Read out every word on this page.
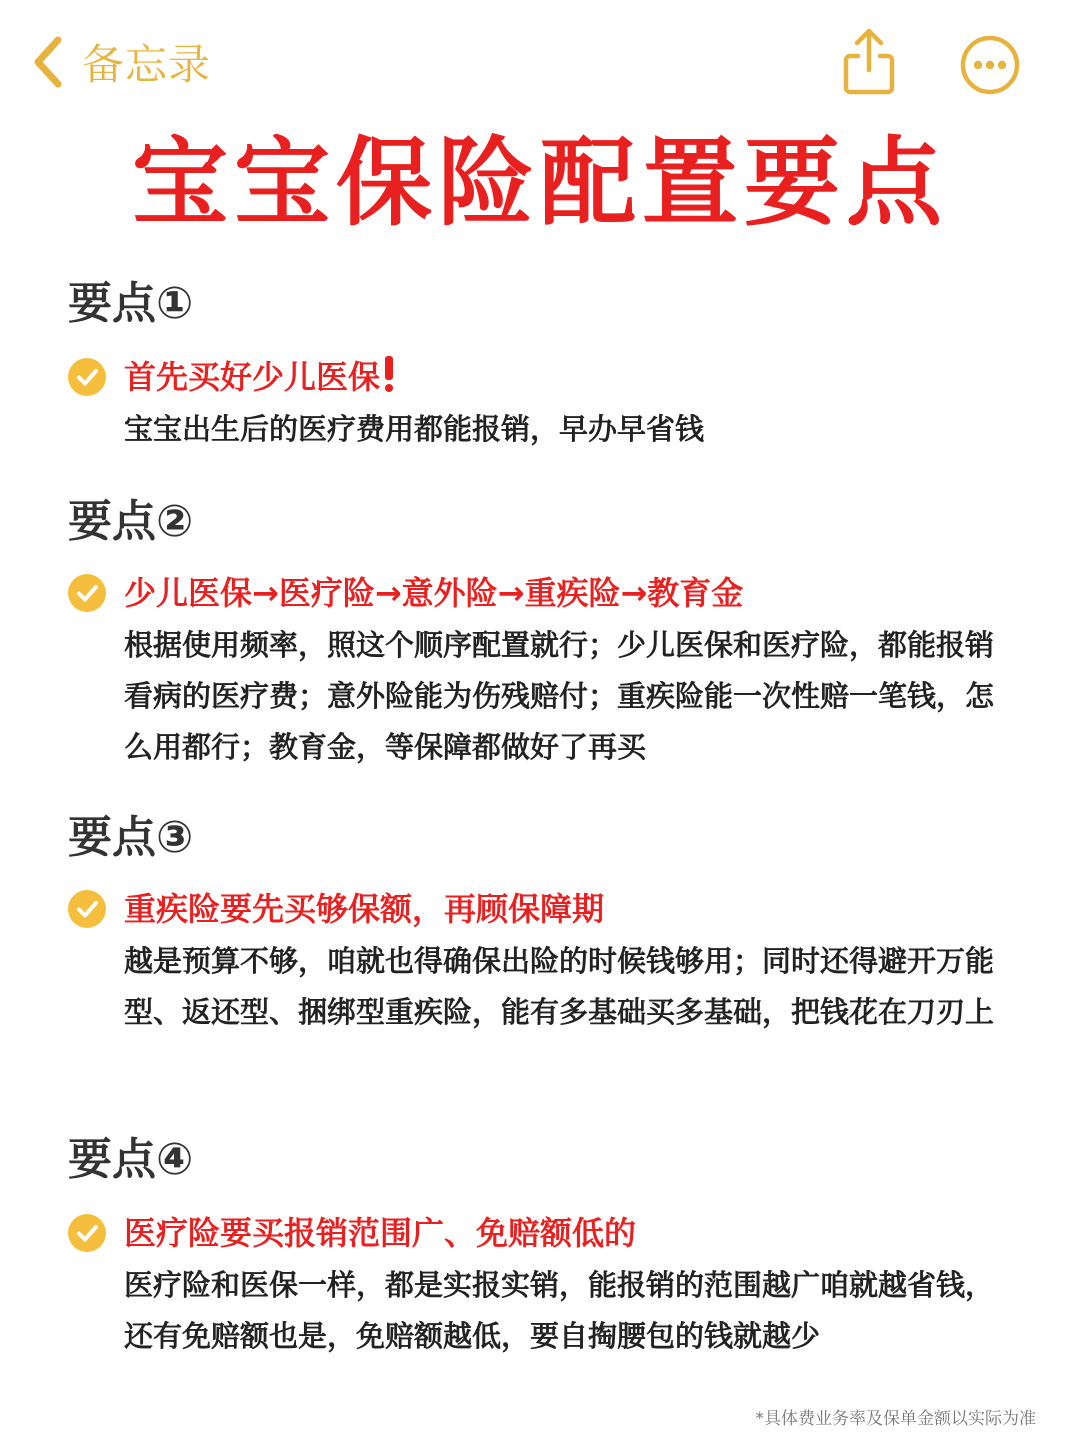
备忘录
宝宝保险配置要点
要点①
首先买好少儿医保

宝宝出生后的医疗费用都能报销，早办早省钱

要点②
少儿医保→医疗险→意外险→重疾险→教育金

根据使用频率，照这个顺序配置就行；少儿医保和医疗险，都能报销看病的医疗费；意外险能为伤残赔付；重疾险能一次性赔一笔钱，怎么用都行；教育金，等保障都做好了再买

要点③
重疾险要先买够保额，再顾保障期

越是预算不够，咱就也得确保出险的时候钱够用；同时还得避开万能型、返还型、捆绑型重疾险，能有多基础买多基础，把钱花在刀刃上

要点④
医疗险要买报销范围广、免赔额低的

医疗险和医保一样，都是实报实销，能报销的范围越广咱就越省钱，还有免赔额也是，免赔额越低，要自掏腰包的钱就越少

*具体费业务率及保单金额以实际为准
